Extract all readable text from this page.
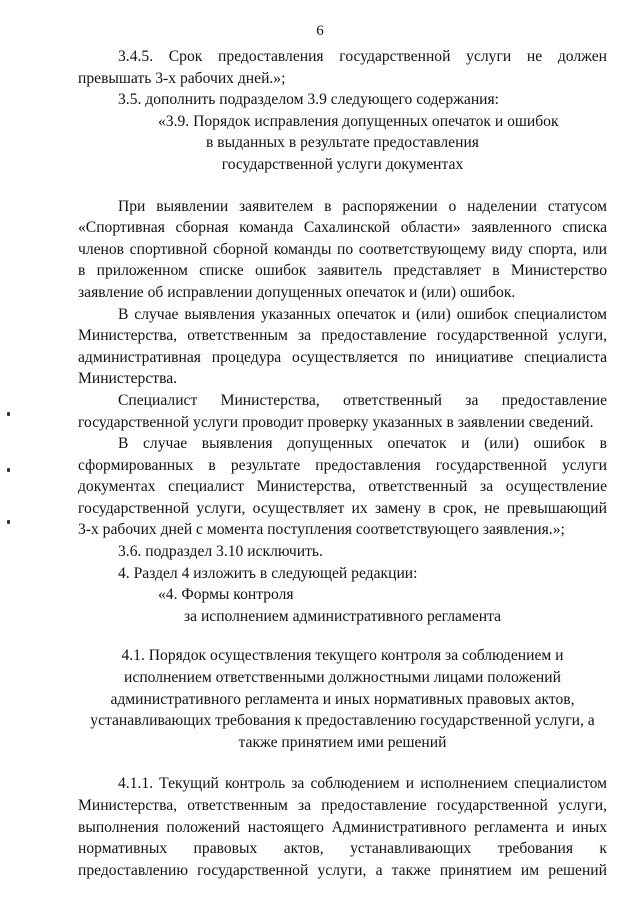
6

3.4.5. Срок предоставления государственной услуги не должен

превышать 3-х рабочих дней.»;

3.5. дополнить подразделом 3.9 следующего содержания:

«3.9. Порядок исправления допущенных опечаток и ошибок

в выданных в результате предоставления

государственной услуги документах

При выявлении заявителем в распоряжении о наделении статусом

«Спортивная сборная команда Сахалинской области» заявленного списка

членов спортивной сборной команды по соответствующему виду спорта, или

в приложенном списке ошибок заявитель представляет в Министерство

заявление об исправлении допущенных опечаток и (или) ошибок.

В случае выявления указанных опечаток и (или) ошибок специалистом

Министерства, ответственным за предоставление государственной услуги,

административная процедура осуществляется по инициативе специалиста

Министерства.

Специалист Министерства, ответственный за предоставление

государственной услуги проводит проверку указанных в заявлении сведений.

В случае выявления допущенных опечаток и (или) ошибок в

сформированных в результате предоставления государственной услуги

документах специалист Министерства, ответственный за осуществление

государственной услуги, осуществляет их замену в срок, не превышающий

3-х рабочих дней с момента поступления соответствующего заявления.»;

3.6. подраздел 3.10 исключить.

4. Раздел 4 изложить в следующей редакции:

«4. Формы контроля

за исполнением административного регламента

4.1. Порядок осуществления текущего контроля за соблюдением и

исполнением ответственными должностными лицами положений

административного регламента и иных нормативных правовых актов,

устанавливающих требования к предоставлению государственной услуги, а

также принятием ими решений

4.1.1. Текущий контроль за соблюдением и исполнением специалистом

Министерства, ответственным за предоставление государственной услуги,

выполнения положений настоящего Административного регламента и иных

нормативных правовых актов, устанавливающих требования к

предоставлению государственной услуги, а также принятием им решений
